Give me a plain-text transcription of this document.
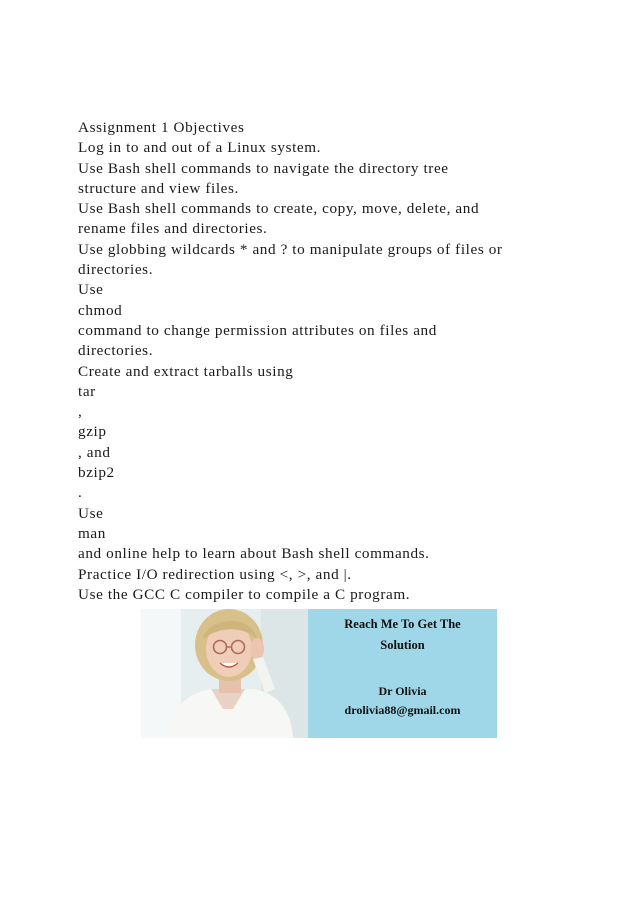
Assignment 1 Objectives
Log in to and out of a Linux system.
Use Bash shell commands to navigate the directory tree
structure and view files.
Use Bash shell commands to create, copy, move, delete, and
rename files and directories.
Use globbing wildcards * and ? to manipulate groups of files or
directories.
Use
chmod
command to change permission attributes on files and
directories.
Create and extract tarballs using
tar
,
gzip
, and
bzip2
.
Use
man
and online help to learn about Bash shell commands.
Practice I/O redirection using <, >, and |.
Use the GCC C compiler to compile a C program.
Reach Me To Get The
Solution
Dr Olivia
drolivia88@gmail.com
